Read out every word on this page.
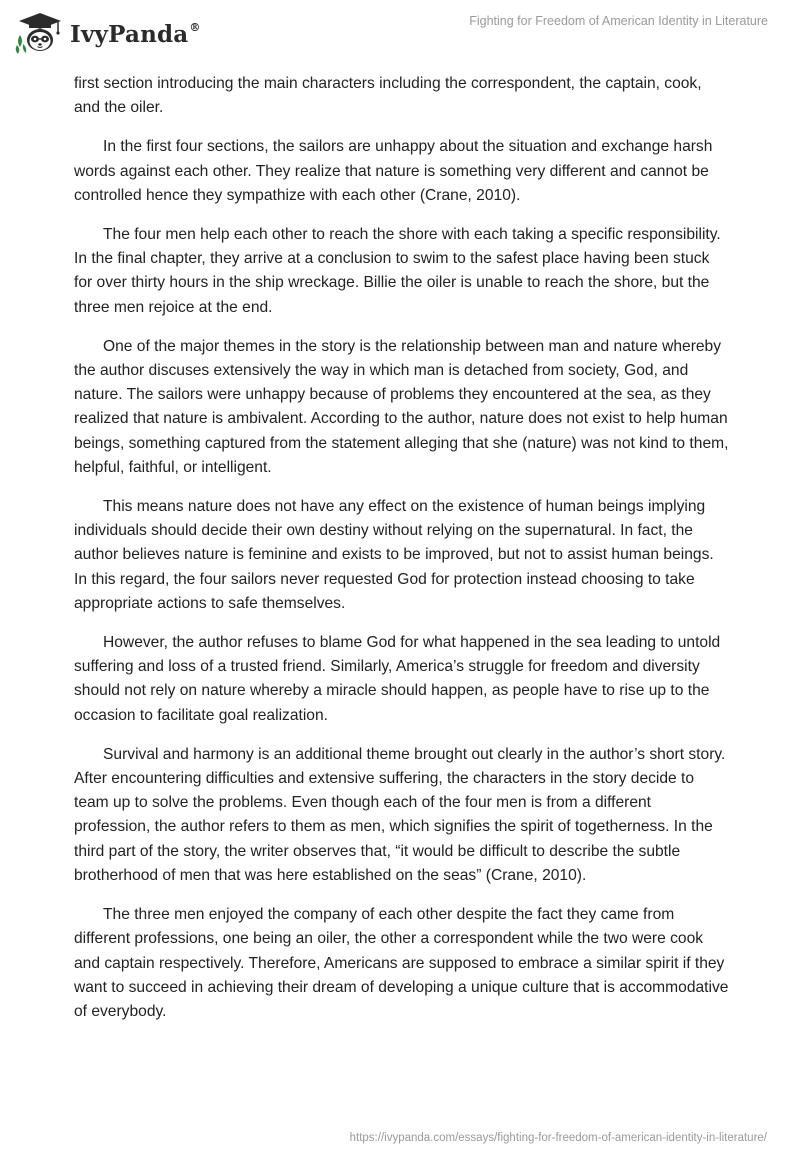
IvyPanda®	Fighting for Freedom of American Identity in Literature

first section introducing the main characters including the correspondent, the captain, cook, and the oiler.

In the first four sections, the sailors are unhappy about the situation and exchange harsh words against each other. They realize that nature is something very different and cannot be controlled hence they sympathize with each other (Crane, 2010).

The four men help each other to reach the shore with each taking a specific responsibility. In the final chapter, they arrive at a conclusion to swim to the safest place having been stuck for over thirty hours in the ship wreckage. Billie the oiler is unable to reach the shore, but the three men rejoice at the end.

One of the major themes in the story is the relationship between man and nature whereby the author discuses extensively the way in which man is detached from society, God, and nature. The sailors were unhappy because of problems they encountered at the sea, as they realized that nature is ambivalent. According to the author, nature does not exist to help human beings, something captured from the statement alleging that she (nature) was not kind to them, helpful, faithful, or intelligent.

This means nature does not have any effect on the existence of human beings implying individuals should decide their own destiny without relying on the supernatural. In fact, the author believes nature is feminine and exists to be improved, but not to assist human beings. In this regard, the four sailors never requested God for protection instead choosing to take appropriate actions to safe themselves.

However, the author refuses to blame God for what happened in the sea leading to untold suffering and loss of a trusted friend. Similarly, America’s struggle for freedom and diversity should not rely on nature whereby a miracle should happen, as people have to rise up to the occasion to facilitate goal realization.

Survival and harmony is an additional theme brought out clearly in the author’s short story. After encountering difficulties and extensive suffering, the characters in the story decide to team up to solve the problems. Even though each of the four men is from a different profession, the author refers to them as men, which signifies the spirit of togetherness. In the third part of the story, the writer observes that, “it would be difficult to describe the subtle brotherhood of men that was here established on the seas” (Crane, 2010).

The three men enjoyed the company of each other despite the fact they came from different professions, one being an oiler, the other a correspondent while the two were cook and captain respectively. Therefore, Americans are supposed to embrace a similar spirit if they want to succeed in achieving their dream of developing a unique culture that is accommodative of everybody.

https://ivypanda.com/essays/fighting-for-freedom-of-american-identity-in-literature/
